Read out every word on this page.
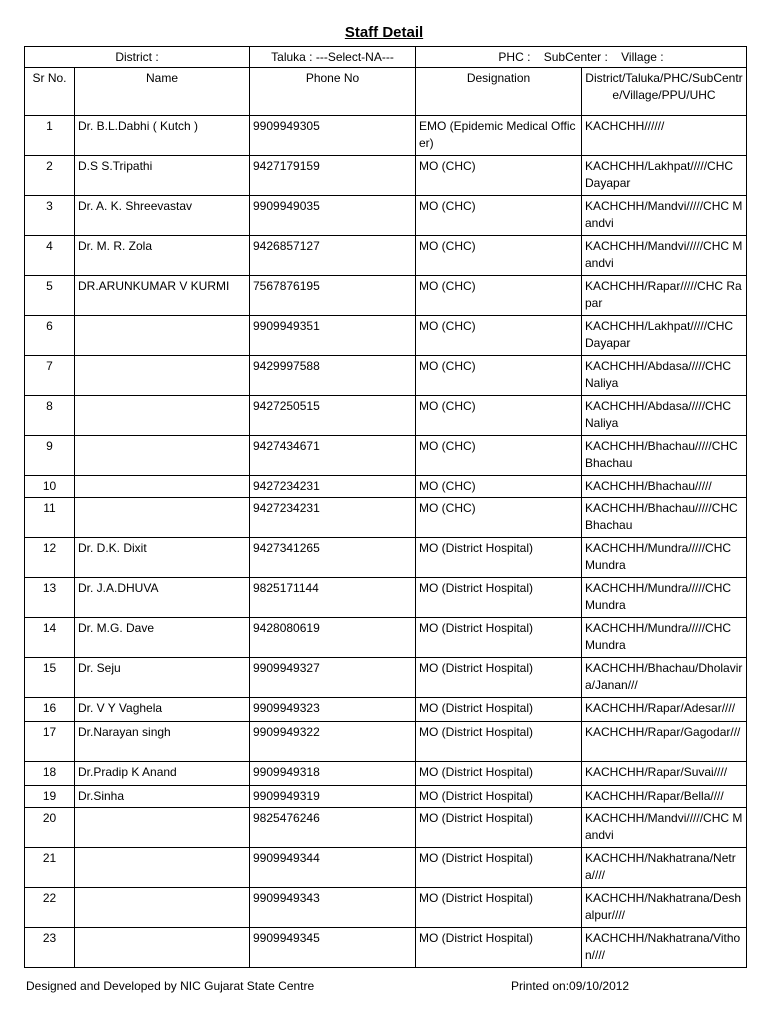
Staff Detail
District :		Taluka : ---Select-NA---	PHC :    SubCenter :    Village :	
Sr No.	Name	Phone No	Designation	District/Taluka/PHC/SubCentre/Village/PPU/UHC
1	Dr. B.L.Dabhi ( Kutch )	9909949305	EMO (Epidemic Medical Officer)	KACHCHH//////
2	D.S S.Tripathi	9427179159	MO (CHC)	KACHCHH/Lakhpat/////CHC Dayapar
3	Dr. A. K. Shreevastav	9909949035	MO (CHC)	KACHCHH/Mandvi/////CHC Mandvi
4	Dr. M. R. Zola	9426857127	MO (CHC)	KACHCHH/Mandvi/////CHC Mandvi
5	DR.ARUNKUMAR V KURMI	7567876195	MO (CHC)	KACHCHH/Rapar/////CHC Rapar
6		9909949351	MO (CHC)	KACHCHH/Lakhpat/////CHC Dayapar
7		9429997588	MO (CHC)	KACHCHH/Abdasa/////CHC Naliya
8		9427250515	MO (CHC)	KACHCHH/Abdasa/////CHC Naliya
9		9427434671	MO (CHC)	KACHCHH/Bhachau/////CHC Bhachau
10		9427234231	MO (CHC)	KACHCHH/Bhachau/////
11		9427234231	MO (CHC)	KACHCHH/Bhachau/////CHC Bhachau
12	Dr. D.K. Dixit	9427341265	MO (District Hospital)	KACHCHH/Mundra/////CHC Mundra
13	Dr. J.A.DHUVA	9825171144	MO (District Hospital)	KACHCHH/Mundra/////CHC Mundra
14	Dr. M.G. Dave	9428080619	MO (District Hospital)	KACHCHH/Mundra/////CHC Mundra
15	Dr. Seju	9909949327	MO (District Hospital)	KACHCHH/Bhachau/Dholavira/Janan///
16	Dr. V Y Vaghela	9909949323	MO (District Hospital)	KACHCHH/Rapar/Adesar////
17	Dr.Narayan singh	9909949322	MO (District Hospital)	KACHCHH/Rapar/Gagodar///
18	Dr.Pradip K Anand	9909949318	MO (District Hospital)	KACHCHH/Rapar/Suvai////
19	Dr.Sinha	9909949319	MO (District Hospital)	KACHCHH/Rapar/Bella////
20		9825476246	MO (District Hospital)	KACHCHH/Mandvi/////CHC Mandvi
21		9909949344	MO (District Hospital)	KACHCHH/Nakhatrana/Netra////
22		9909949343	MO (District Hospital)	KACHCHH/Nakhatrana/Deshalpur////
23		9909949345	MO (District Hospital)	KACHCHH/Nakhatrana/Vithon////
Designed and Developed by NIC Gujarat State Centre	Printed on:09/10/2012
